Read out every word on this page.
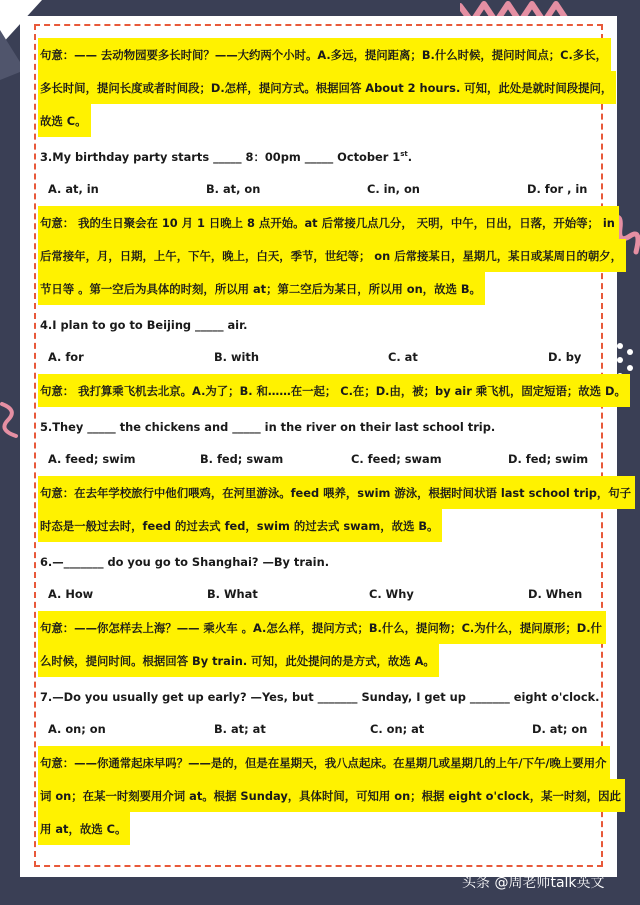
句意：—— 去动物园要多长时间？——大约两个小时。A.多远，提问距离；B.什么时候，提问时间点；C.多长，
多长时间，提问长度或者时间段；D.怎样，提问方式。根据回答 About 2 hours. 可知，此处是就时间段提问，
故选 C。
3.My birthday party starts _____ 8：00pm _____ October 1st.
A. at, in	B. at, on	C. in, on	D. for , in
句意： 我的生日聚会在 10 月 1 日晚上 8 点开始。at 后常接几点几分， 天明，中午，日出，日落，开始等； in
后常接年，月，日期，上午，下午，晚上，白天，季节，世纪等； on 后常接某日，星期几，某日或某周日的朝夕，
节日等 。第一空后为具体的时刻，所以用 at；第二空后为某日，所以用 on，故选 B。
4.I plan to go to Beijing _____ air.
A. for	B. with	C. at	D. by
句意： 我打算乘飞机去北京。A.为了；B. 和……在一起； C.在；D.由，被；by air 乘飞机，固定短语；故选 D。
5.They _____ the chickens and _____ in the river on their last school trip.
A. feed; swim	B. fed; swam	C. feed; swam	D. fed; swim
句意：在去年学校旅行中他们喂鸡，在河里游泳。feed 喂养，swim 游泳，根据时间状语 last school trip，句子
时态是一般过去时，feed 的过去式 fed，swim 的过去式 swam，故选 B。
6.—_______ do you go to Shanghai? —By train.
A. How	B. What	C. Why	D. When
句意：——你怎样去上海？—— 乘火车 。A.怎么样，提问方式；B.什么，提问物；C.为什么，提问原形；D.什
么时候，提问时间。根据回答 By train. 可知，此处提问的是方式，故选 A。
7.—Do you usually get up early? —Yes, but _______ Sunday, I get up _______ eight o'clock.
A. on; on	B. at; at	C. on; at	D. at; on
句意：——你通常起床早吗？——是的，但是在星期天，我八点起床。在星期几或星期几的上午/下午/晚上要用介
词 on；在某一时刻要用介词 at。根据 Sunday，具体时间，可知用 on；根据 eight o'clock，某一时刻，因此
用 at，故选 C。
头条 @周老师talk英文
